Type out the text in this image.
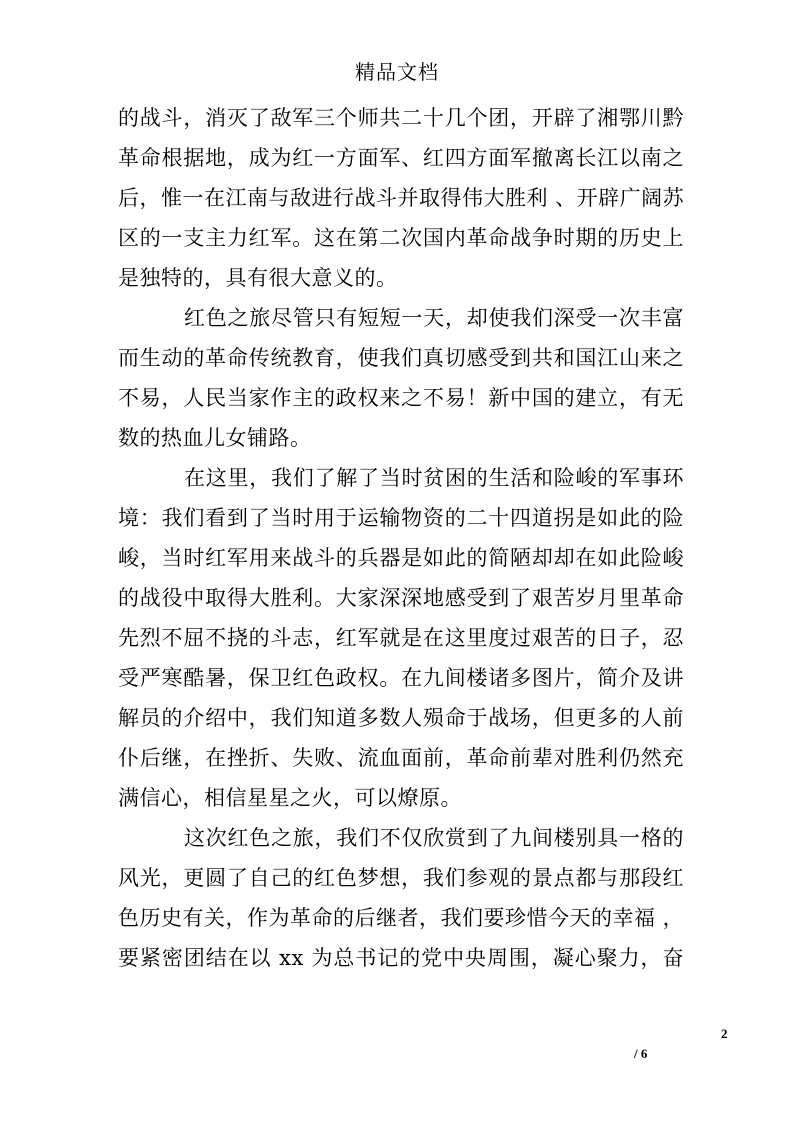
精品文档
的战斗，消灭了敌军三个师共二十几个团，开辟了湘鄂川黔
革命根据地，成为红一方面军、红四方面军撤离长江以南之
后，惟一在江南与敌进行战斗并取得伟大胜利 、开辟广阔苏
区的一支主力红军。这在第二次国内革命战争时期的历史上
是独特的，具有很大意义的。
红色之旅尽管只有短短一天，却使我们深受一次丰富
而生动的革命传统教育，使我们真切感受到共和国江山来之
不易，人民当家作主的政权来之不易！新中国的建立，有无
数的热血儿女铺路。
在这里，我们了解了当时贫困的生活和险峻的军事环
境：我们看到了当时用于运输物资的二十四道拐是如此的险
峻，当时红军用来战斗的兵器是如此的简陋却却在如此险峻
的战役中取得大胜利。大家深深地感受到了艰苦岁月里革命
先烈不屈不挠的斗志，红军就是在这里度过艰苦的日子，忍
受严寒酷暑，保卫红色政权。在九间楼诸多图片，简介及讲
解员的介绍中，我们知道多数人殒命于战场，但更多的人前
仆后继，在挫折、失败、流血面前，革命前辈对胜利仍然充
满信心，相信星星之火，可以燎原。
这次红色之旅，我们不仅欣赏到了九间楼别具一格的
风光，更圆了自己的红色梦想，我们参观的景点都与那段红
色历史有关，作为革命的后继者，我们要珍惜今天的幸福 ，
要紧密团结在以 xx 为总书记的党中央周围，凝心聚力，奋
2
/ 6
